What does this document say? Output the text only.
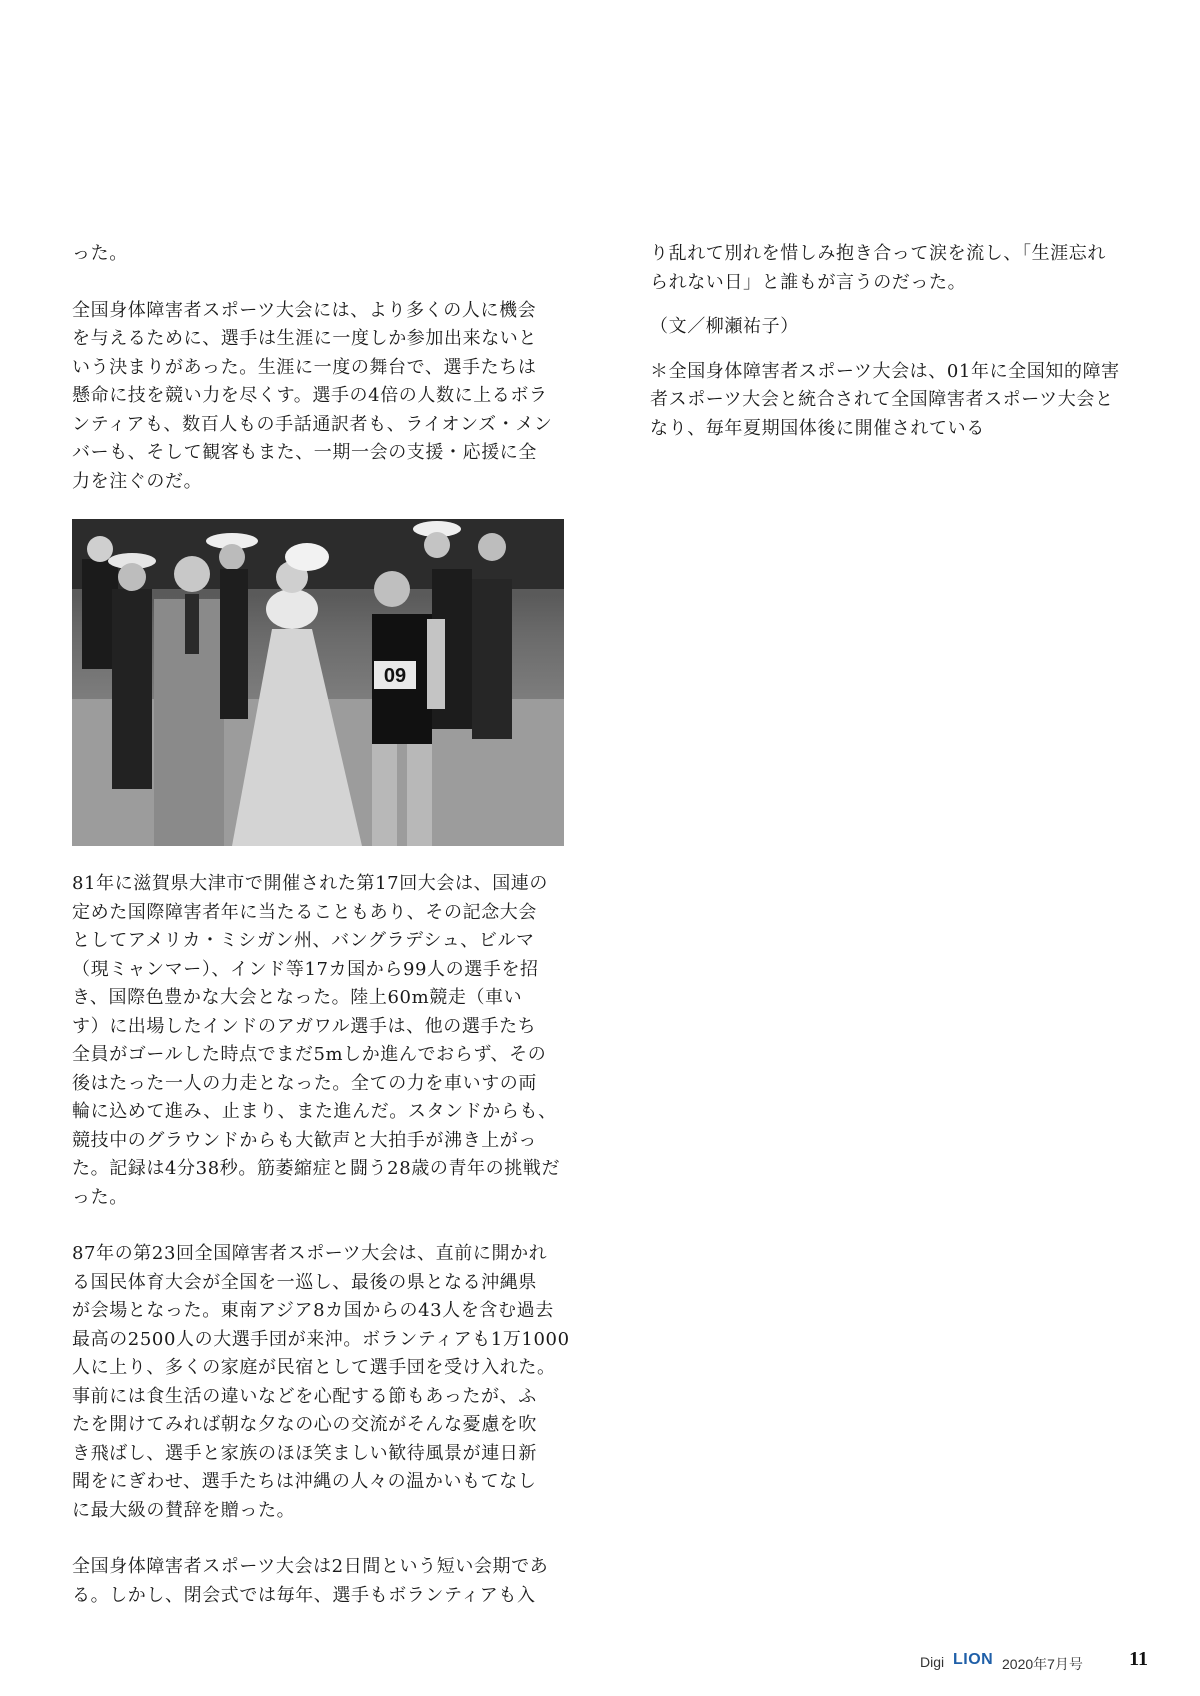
った。

全国身体障害者スポーツ大会には、より多くの人に機会
を与えるために、選手は生涯に一度しか参加出来ないと
いう決まりがあった。生涯に一度の舞台で、選手たちは
懸命に技を競い力を尽くす。選手の4倍の人数に上るボラ
ンティアも、数百人もの手話通訳者も、ライオンズ・メン
バーも、そして観客もまた、一期一会の支援・応援に全
力を注ぐのだ。

09

81年に滋賀県大津市で開催された第17回大会は、国連の
定めた国際障害者年に当たることもあり、その記念大会
としてアメリカ・ミシガン州、バングラデシュ、ビルマ
（現ミャンマー）、インド等17カ国から99人の選手を招
き、国際色豊かな大会となった。陸上60m競走（車い
す）に出場したインドのアガワル選手は、他の選手たち
全員がゴールした時点でまだ5mしか進んでおらず、その
後はたった一人の力走となった。全ての力を車いすの両
輪に込めて進み、止まり、また進んだ。スタンドからも、
競技中のグラウンドからも大歓声と大拍手が沸き上がっ
た。記録は4分38秒。筋萎縮症と闘う28歳の青年の挑戦だ
った。

87年の第23回全国障害者スポーツ大会は、直前に開かれ
る国民体育大会が全国を一巡し、最後の県となる沖縄県
が会場となった。東南アジア8カ国からの43人を含む過去
最高の2500人の大選手団が来沖。ボランティアも1万1000
人に上り、多くの家庭が民宿として選手団を受け入れた。
事前には食生活の違いなどを心配する節もあったが、ふ
たを開けてみれば朝な夕なの心の交流がそんな憂慮を吹
き飛ばし、選手と家族のほほ笑ましい歓待風景が連日新
聞をにぎわせ、選手たちは沖縄の人々の温かいもてなし
に最大級の賛辞を贈った。

全国身体障害者スポーツ大会は2日間という短い会期であ
る。しかし、閉会式では毎年、選手もボランティアも入

り乱れて別れを惜しみ抱き合って涙を流し、「生涯忘れ
られない日」と誰もが言うのだった。

（文／柳瀬祐子）

＊全国身体障害者スポーツ大会は、01年に全国知的障害
者スポーツ大会と統合されて全国障害者スポーツ大会と
なり、毎年夏期国体後に開催されている

Digi LION 2020年7月号 11
